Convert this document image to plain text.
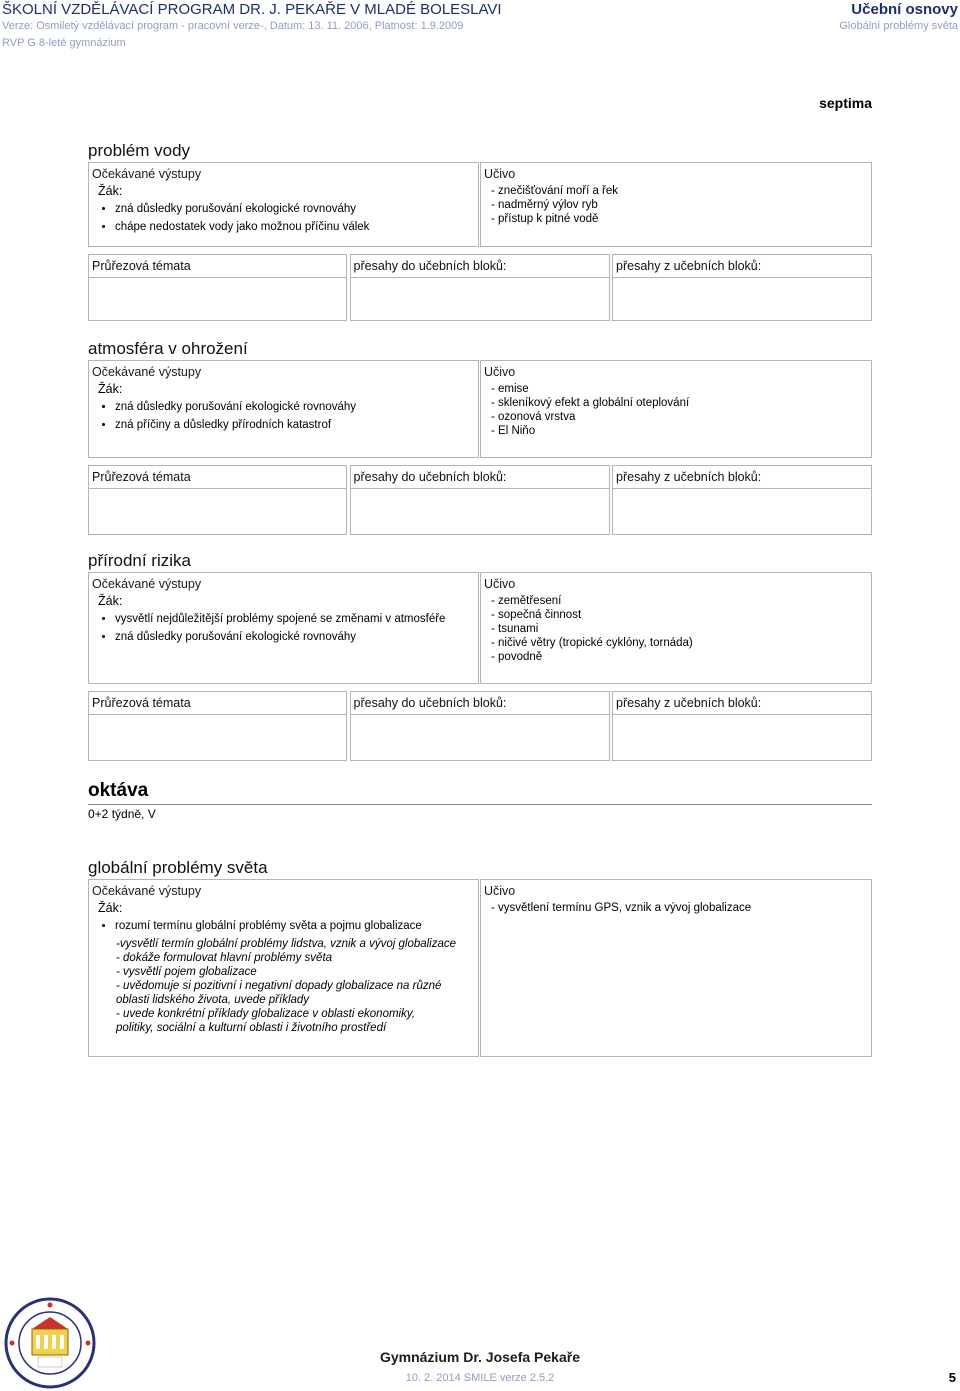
ŠKOLNÍ VZDĚLÁVACÍ PROGRAM DR. J. PEKAŘE V MLADÉ BOLESLAVI	Učební osnovy
Verze: Osmiletý vzdělávací program - pracovní verze-, Datum: 13. 11. 2006, Platnost: 1.9.2009	Globální problémy světa
RVP G 8-leté gymnázium
septima
problém vody
Očekávané výstupy
Žák:
• zná důsledky porušování ekologické rovnováhy
• chápe nedostatek vody jako možnou příčinu válek
Učivo
- znečišťování moří a řek
- nadměrný výlov ryb
- přístup k pitné vodě
Průřezová témata	přesahy do učebních bloků:	přesahy z učebních bloků:
atmosféra v ohrožení
Očekávané výstupy
Žák:
• zná důsledky porušování ekologické rovnováhy
• zná příčiny a důsledky přírodních katastrof
Učivo
- emise
- skleníkový efekt a globální oteplování
- ozonová vrstva
- El Niňo
Průřezová témata	přesahy do učebních bloků:	přesahy z učebních bloků:
přírodní rizika
Očekávané výstupy
Žák:
• vysvětlí nejdůležitější problémy spojené se změnami v atmosféře
• zná důsledky porušování ekologické rovnováhy
Učivo
- zemětřesení
- sopečná činnost
- tsunami
- ničivé větry (tropické cyklóny, tornáda)
- povodně
Průřezová témata	přesahy do učebních bloků:	přesahy z učebních bloků:
oktáva
0+2 týdně, V
globální problémy světa
Očekávané výstupy
Žák:
• rozumí termínu globální problémy světa a pojmu globalizace
-vysvětlí termín globální problémy lidstva, vznik a vývoj globalizace
- dokáže formulovat hlavní problémy světa
- vysvětlí pojem globalizace
- uvědomuje si pozitivní i negativní dopady globalizace na různé
oblasti lidského života, uvede příklady
- uvede konkrétní příklady globalizace v oblasti ekonomiky,
politiky, sociální a kulturní oblasti i životního prostředí
Učivo
- vysvětlení termínu GPS, vznik a vývoj globalizace
Gymnázium Dr. Josefa Pekaře
10. 2. 2014 SMILE verze 2.5.2	5
